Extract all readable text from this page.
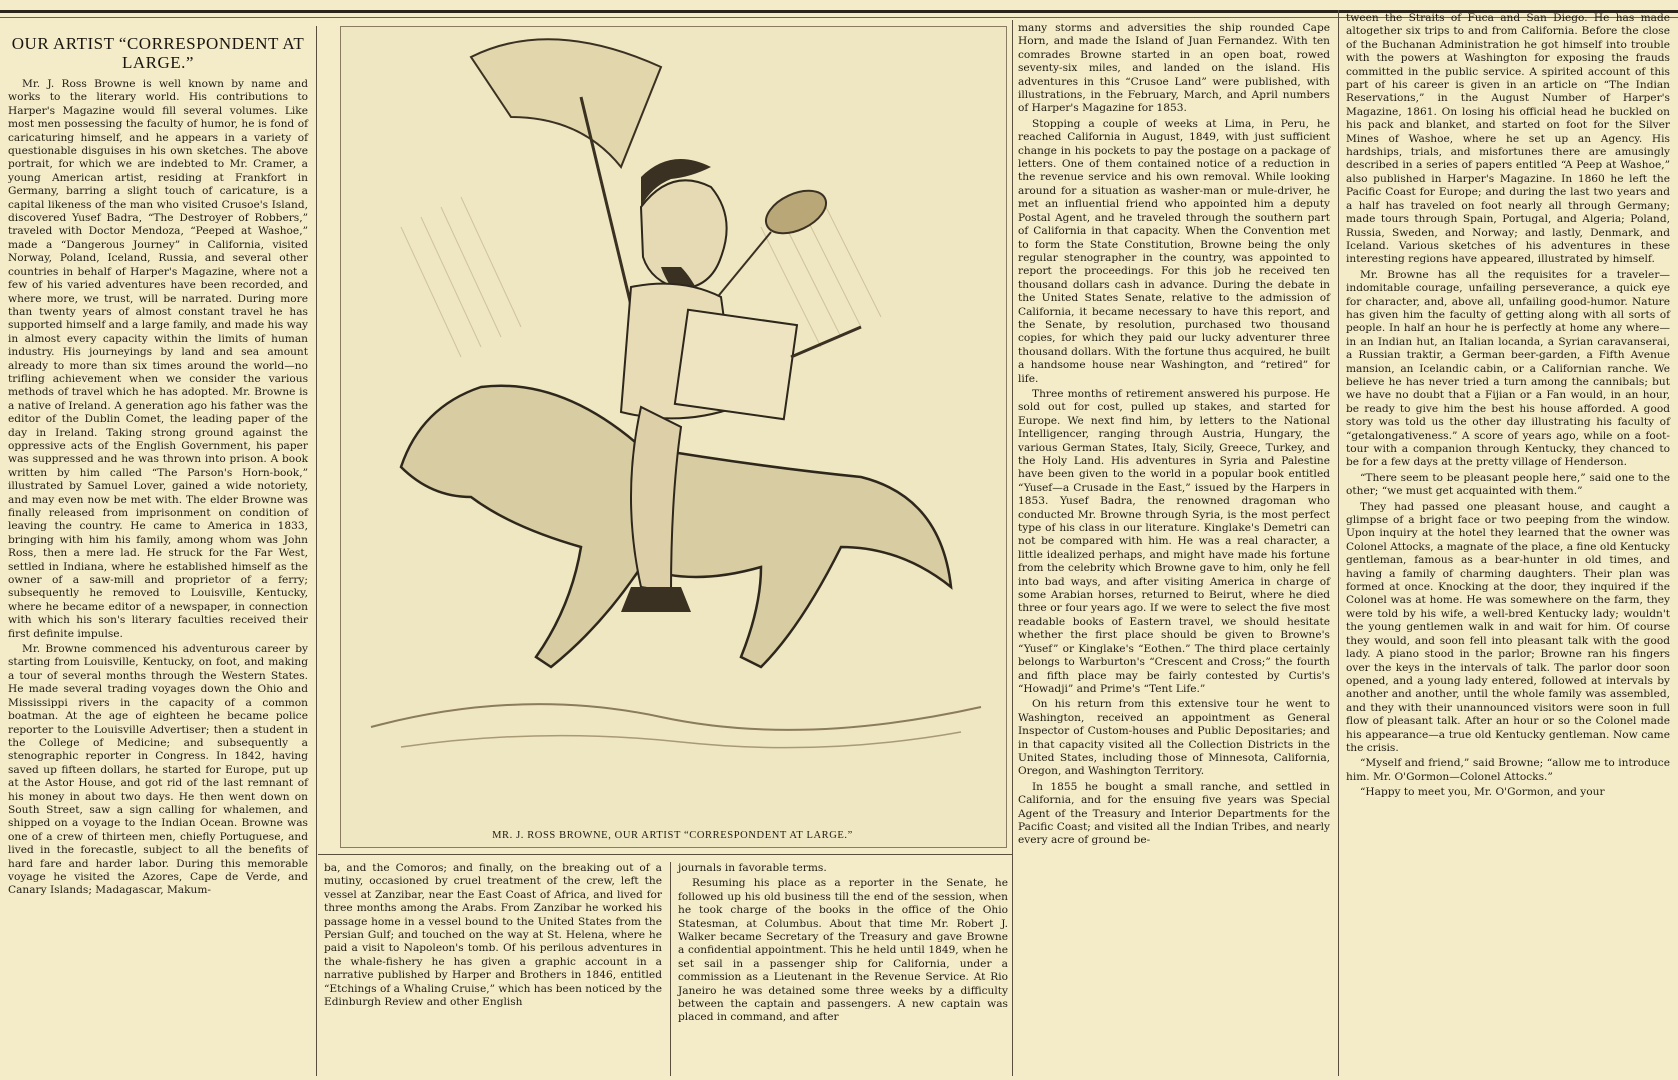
OUR ARTIST “CORRESPONDENT AT LARGE.”

Mr. J. Ross Browne is well known by name and works to the literary world. His contributions to Harper's Magazine would fill several volumes. Like most men possessing the faculty of humor, he is fond of caricaturing himself, and he appears in a variety of questionable disguises in his own sketches. The above portrait, for which we are indebted to Mr. Cramer, a young American artist, residing at Frankfort in Germany, barring a slight touch of caricature, is a capital likeness of the man who visited Crusoe's Island, discovered Yusef Badra, “The Destroyer of Robbers,” traveled with Doctor Mendoza, “Peeped at Washoe,” made a “Dangerous Journey” in California, visited Norway, Poland, Iceland, Russia, and several other countries in behalf of Harper's Magazine, where not a few of his varied adventures have been recorded, and where more, we trust, will be narrated. During more than twenty years of almost constant travel he has supported himself and a large family, and made his way in almost every capacity within the limits of human industry. His journeyings by land and sea amount already to more than six times around the world—no trifling achievement when we consider the various methods of travel which he has adopted. Mr. Browne is a native of Ireland. A generation ago his father was the editor of the Dublin Comet, the leading paper of the day in Ireland. Taking strong ground against the oppressive acts of the English Government, his paper was suppressed and he was thrown into prison. A book written by him called “The Parson's Horn-book,” illustrated by Samuel Lover, gained a wide notoriety, and may even now be met with. The elder Browne was finally released from imprisonment on condition of leaving the country. He came to America in 1833, bringing with him his family, among whom was John Ross, then a mere lad. He struck for the Far West, settled in Indiana, where he established himself as the owner of a saw-mill and proprietor of a ferry; subsequently he removed to Louisville, Kentucky, where he became editor of a newspaper, in connection with which his son's literary faculties received their first definite impulse.

Mr. Browne commenced his adventurous career by starting from Louisville, Kentucky, on foot, and making a tour of several months through the Western States. He made several trading voyages down the Ohio and Mississippi rivers in the capacity of a common boatman. At the age of eighteen he became police reporter to the Louisville Advertiser; then a student in the College of Medicine; and subsequently a stenographic reporter in Congress. In 1842, having saved up fifteen dollars, he started for Europe, put up at the Astor House, and got rid of the last remnant of his money in about two days. He then went down on South Street, saw a sign calling for whalemen, and shipped on a voyage to the Indian Ocean. Browne was one of a crew of thirteen men, chiefly Portuguese, and lived in the forecastle, subject to all the benefits of hard fare and harder labor. During this memorable voyage he visited the Azores, Cape de Verde, and Canary Islands; Madagascar, Makum-

MR. J. ROSS BROWNE, OUR ARTIST “CORRESPONDENT AT LARGE.”

ba, and the Comoros; and finally, on the breaking out of a mutiny, occasioned by cruel treatment of the crew, left the vessel at Zanzibar, near the East Coast of Africa, and lived for three months among the Arabs. From Zanzibar he worked his passage home in a vessel bound to the United States from the Persian Gulf; and touched on the way at St. Helena, where he paid a visit to Napoleon's tomb. Of his perilous adventures in the whale-fishery he has given a graphic account in a narrative published by Harper and Brothers in 1846, entitled “Etchings of a Whaling Cruise,” which has been noticed by the Edinburgh Review and other English

journals in favorable terms.

Resuming his place as a reporter in the Senate, he followed up his old business till the end of the session, when he took charge of the books in the office of the Ohio Statesman, at Columbus. About that time Mr. Robert J. Walker became Secretary of the Treasury and gave Browne a confidential appointment. This he held until 1849, when he set sail in a passenger ship for California, under a commission as a Lieutenant in the Revenue Service. At Rio Janeiro he was detained some three weeks by a difficulty between the captain and passengers. A new captain was placed in command, and after

many storms and adversities the ship rounded Cape Horn, and made the Island of Juan Fernandez. With ten comrades Browne started in an open boat, rowed seventy-six miles, and landed on the island. His adventures in this “Crusoe Land” were published, with illustrations, in the February, March, and April numbers of Harper's Magazine for 1853.

Stopping a couple of weeks at Lima, in Peru, he reached California in August, 1849, with just sufficient change in his pockets to pay the postage on a package of letters. One of them contained notice of a reduction in the revenue service and his own removal. While looking around for a situation as washer-man or mule-driver, he met an influential friend who appointed him a deputy Postal Agent, and he traveled through the southern part of California in that capacity. When the Convention met to form the State Constitution, Browne being the only regular stenographer in the country, was appointed to report the proceedings. For this job he received ten thousand dollars cash in advance. During the debate in the United States Senate, relative to the admission of California, it became necessary to have this report, and the Senate, by resolution, purchased two thousand copies, for which they paid our lucky adventurer three thousand dollars. With the fortune thus acquired, he built a handsome house near Washington, and “retired” for life.

Three months of retirement answered his purpose. He sold out for cost, pulled up stakes, and started for Europe. We next find him, by letters to the National Intelligencer, ranging through Austria, Hungary, the various German States, Italy, Sicily, Greece, Turkey, and the Holy Land. His adventures in Syria and Palestine have been given to the world in a popular book entitled “Yusef—a Crusade in the East,” issued by the Harpers in 1853. Yusef Badra, the renowned dragoman who conducted Mr. Browne through Syria, is the most perfect type of his class in our literature. Kinglake's Demetri can not be compared with him. He was a real character, a little idealized perhaps, and might have made his fortune from the celebrity which Browne gave to him, only he fell into bad ways, and after visiting America in charge of some Arabian horses, returned to Beirut, where he died three or four years ago. If we were to select the five most readable books of Eastern travel, we should hesitate whether the first place should be given to Browne's “Yusef” or Kinglake's “Eothen.” The third place certainly belongs to Warburton's “Crescent and Cross;” the fourth and fifth place may be fairly contested by Curtis's “Howadji” and Prime's “Tent Life.”

On his return from this extensive tour he went to Washington, received an appointment as General Inspector of Custom-houses and Public Depositaries; and in that capacity visited all the Collection Districts in the United States, including those of Minnesota, California, Oregon, and Washington Territory.

In 1855 he bought a small ranche, and settled in California, and for the ensuing five years was Special Agent of the Treasury and Interior Departments for the Pacific Coast; and visited all the Indian Tribes, and nearly every acre of ground be-

tween the Straits of Fuca and San Diego. He has made altogether six trips to and from California. Before the close of the Buchanan Administration he got himself into trouble with the powers at Washington for exposing the frauds committed in the public service. A spirited account of this part of his career is given in an article on “The Indian Reservations,” in the August Number of Harper's Magazine, 1861. On losing his official head he buckled on his pack and blanket, and started on foot for the Silver Mines of Washoe, where he set up an Agency. His hardships, trials, and misfortunes there are amusingly described in a series of papers entitled “A Peep at Washoe,” also published in Harper's Magazine. In 1860 he left the Pacific Coast for Europe; and during the last two years and a half has traveled on foot nearly all through Germany; made tours through Spain, Portugal, and Algeria; Poland, Russia, Sweden, and Norway; and lastly, Denmark, and Iceland. Various sketches of his adventures in these interesting regions have appeared, illustrated by himself.

Mr. Browne has all the requisites for a traveler—indomitable courage, unfailing perseverance, a quick eye for character, and, above all, unfailing good-humor. Nature has given him the faculty of getting along with all sorts of people. In half an hour he is perfectly at home any where—in an Indian hut, an Italian locanda, a Syrian caravanserai, a Russian traktir, a German beer-garden, a Fifth Avenue mansion, an Icelandic cabin, or a Californian ranche. We believe he has never tried a turn among the cannibals; but we have no doubt that a Fijian or a Fan would, in an hour, be ready to give him the best his house afforded. A good story was told us the other day illustrating his faculty of “getalongativeness.” A score of years ago, while on a foot-tour with a companion through Kentucky, they chanced to be for a few days at the pretty village of Henderson.

“There seem to be pleasant people here,” said one to the other; “we must get acquainted with them.”

They had passed one pleasant house, and caught a glimpse of a bright face or two peeping from the window. Upon inquiry at the hotel they learned that the owner was Colonel Attocks, a magnate of the place, a fine old Kentucky gentleman, famous as a bear-hunter in old times, and having a family of charming daughters. Their plan was formed at once. Knocking at the door, they inquired if the Colonel was at home. He was somewhere on the farm, they were told by his wife, a well-bred Kentucky lady; wouldn't the young gentlemen walk in and wait for him. Of course they would, and soon fell into pleasant talk with the good lady. A piano stood in the parlor; Browne ran his fingers over the keys in the intervals of talk. The parlor door soon opened, and a young lady entered, followed at intervals by another and another, until the whole family was assembled, and they with their unannounced visitors were soon in full flow of pleasant talk. After an hour or so the Colonel made his appearance—a true old Kentucky gentleman. Now came the crisis.

“Myself and friend,” said Browne; “allow me to introduce him. Mr. O'Gormon—Colonel Attocks.”

“Happy to meet you, Mr. O'Gormon, and your
